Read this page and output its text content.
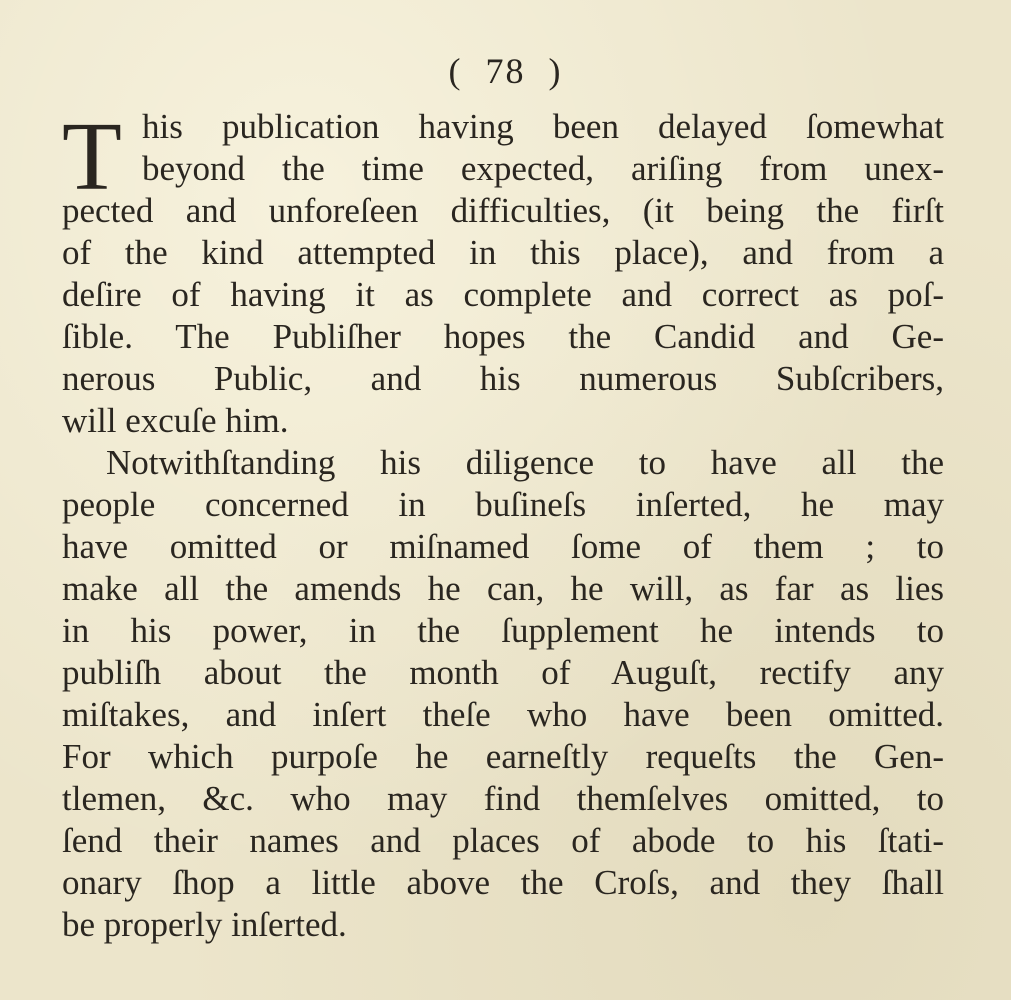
( 78 )
T his publication having been delayed ſomewhat
beyond the time expected, ariſing from unex-
pected and unforeſeen difficulties, (it being the firſt
of the kind attempted in this place), and from a
deſire of having it as complete and correct as poſ-
ſible. The Publiſher hopes the Candid and Ge-
nerous Public, and his numerous Subſcribers,
will excuſe him.
Notwithſtanding his diligence to have all the
people concerned in buſineſs inſerted, he may
have omitted or miſnamed ſome of them ; to
make all the amends he can, he will, as far as lies
in his power, in the ſupplement he intends to
publiſh about the month of Auguſt, rectify any
miſtakes, and inſert theſe who have been omitted.
For which purpoſe he earneſtly requeſts the Gen-
tlemen, &c. who may find themſelves omitted, to
ſend their names and places of abode to his ſtati-
onary ſhop a little above the Croſs, and they ſhall
be properly inſerted.
